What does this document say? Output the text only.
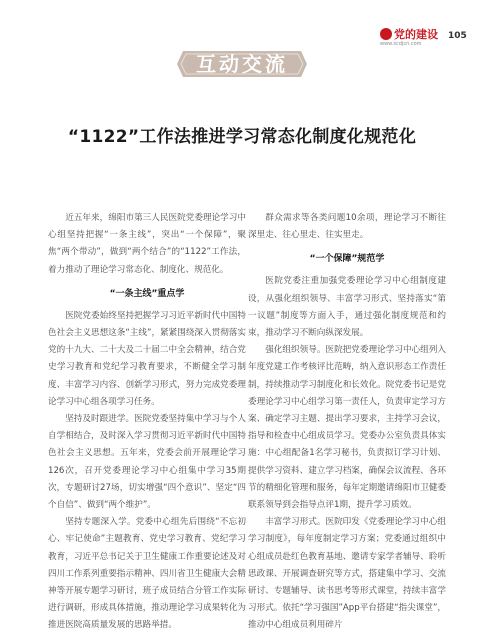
党的建设
www.scdjcn.com
105
互动交流
“1122”工作法推进学习常态化制度化规范化

近五年来，绵阳市第三人民医院党委理论学习中心组坚持把握“一条主线”，突出“一个保障”，聚焦“两个带动”，做到“两个结合”的“1122”工作法，着力推动了理论学习常态化、制度化、规范化。

“一条主线”重点学

医院党委始终坚持把握学习习近平新时代中国特色社会主义思想这条“主线”，紧紧围绕深入贯彻落实党的十九大、二十大及二十届二中全会精神，结合党史学习教育和党纪学习教育要求，不断健全学习制度、丰富学习内容、创新学习形式，努力完成党委理论学习中心组各项学习任务。

坚持及时跟进学。医院党委坚持集中学习与个人自学相结合，及时深入学习贯彻习近平新时代中国特色社会主义思想。五年来，党委会前开展理论学习126次，召开党委理论学习中心组集中学习35期次，专题研讨27场，切实增强“四个意识”、坚定“四个自信”、做到“两个维护”。

坚持专题深入学。党委中心组先后围绕“不忘初心、牢记使命”主题教育、党史学习教育、党纪学习教育，习近平总书记关于卫生健康工作重要论述及对四川工作系列重要指示精神、四川省卫生健康大会精神等开展专题学习研讨，班子成员结合分管工作实际进行调研，形成具体措施，推动理论学习成果转化为推进医院高质量发展的思路举措。

群众需求等各类问题10余项，理论学习不断往深里走、往心里走、往实里走。

“一个保障”规范学

医院党委注重加强党委理论学习中心组制度建设，从强化组织领导、丰富学习形式、坚持落实“第一议题”制度等方面入手，通过强化制度规范和约束，推动学习不断向纵深发展。

强化组织领导。医院把党委理论学习中心组列入年度党建工作考核评比范畴，纳入意识形态工作责任制，持续推动学习制度化和长效化。院党委书记是党委理论学习中心组学习第一责任人，负责审定学习方案、确定学习主题、提出学习要求，主持学习会议，指导和检查中心组成员学习。党委办公室负责具体实施：中心组配备1名学习秘书，负责拟订学习计划、提供学习资料、建立学习档案，确保会议流程、各环节的精细化管理和服务，每年定期邀请绵阳市卫健委联系领导到会指导点评1期，提升学习质效。

丰富学习形式。医院印发《党委理论学习中心组学习制度》，每年度制定学习方案；党委通过组织中心组成员赴红色教育基地、邀请专家学者辅导、聆听思政课、开展调查研究等方式，搭建集中学习、交流研讨、专题辅导、读书思考等形式课堂，持续丰富学习形式。依托“学习强国”App平台搭建“指尖课堂”，推动中心组成员利用碎片
